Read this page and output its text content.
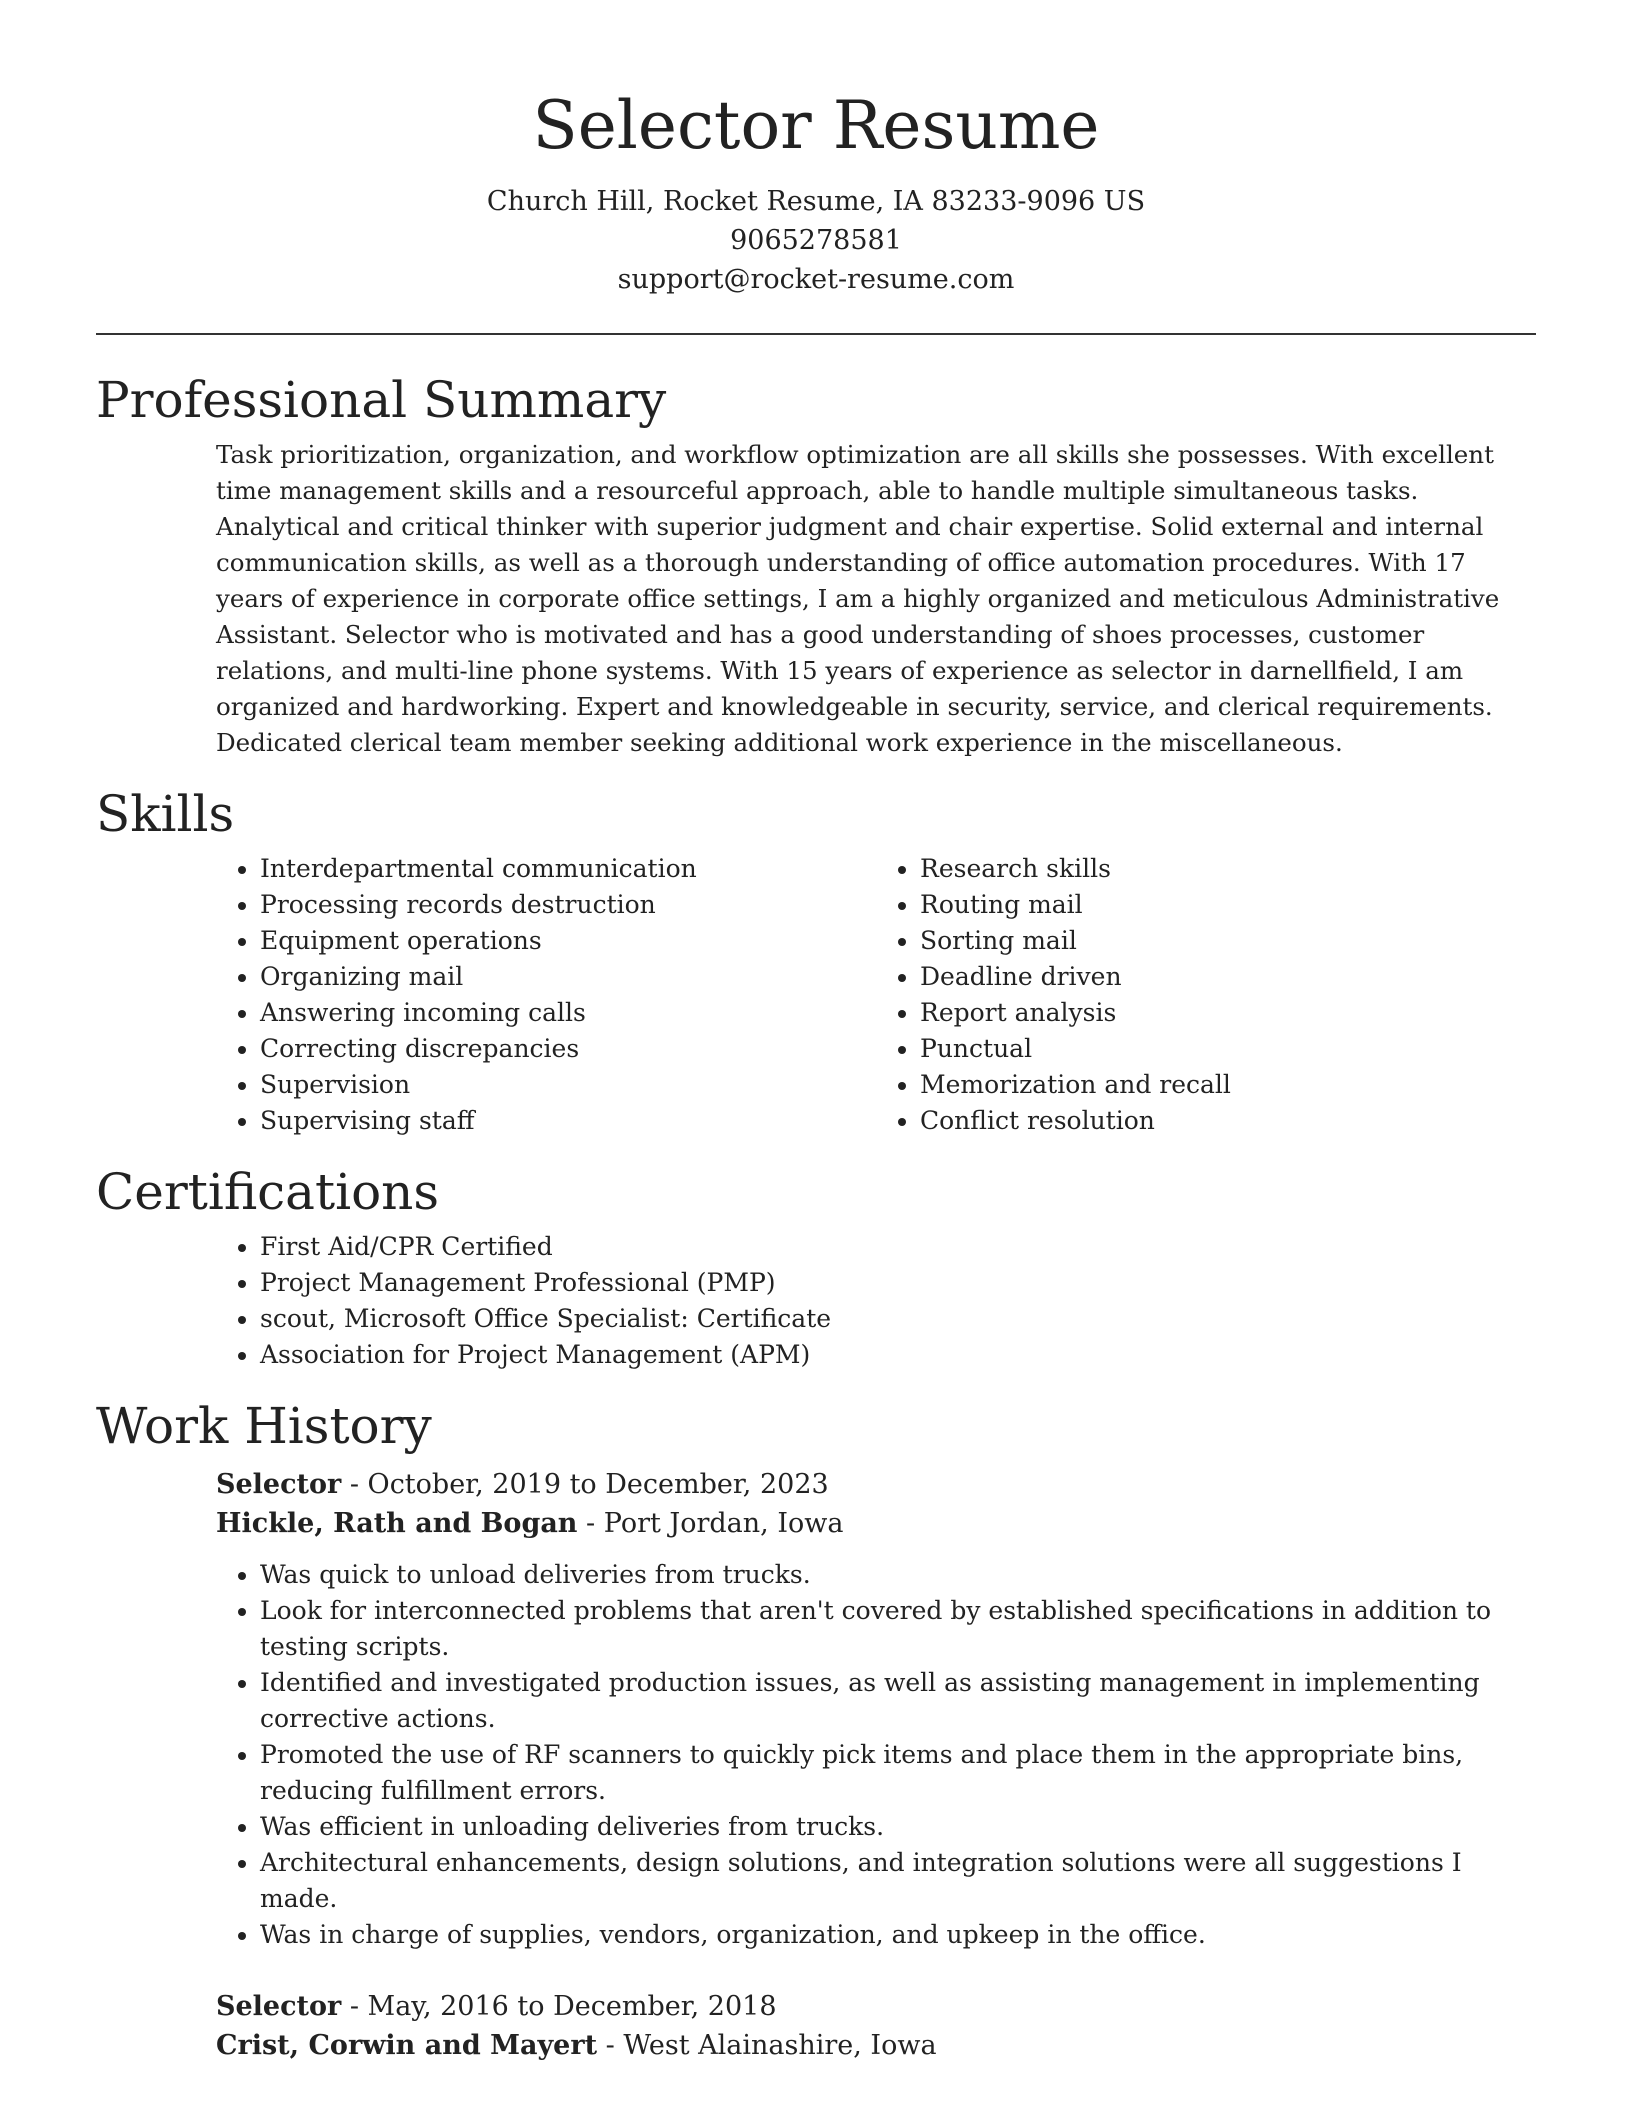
Selector Resume

Church Hill, Rocket Resume, IA 83233-9096 US

9065278581

support@rocket-resume.com

Professional Summary

Task prioritization, organization, and workflow optimization are all skills she possesses. With excellent time management skills and a resourceful approach, able to handle multiple simultaneous tasks. Analytical and critical thinker with superior judgment and chair expertise. Solid external and internal communication skills, as well as a thorough understanding of office automation procedures. With 17 years of experience in corporate office settings, I am a highly organized and meticulous Administrative Assistant. Selector who is motivated and has a good understanding of shoes processes, customer relations, and multi-line phone systems. With 15 years of experience as selector in darnellfield, I am organized and hardworking. Expert and knowledgeable in security, service, and clerical requirements. Dedicated clerical team member seeking additional work experience in the miscellaneous.

Skills
• Interdepartmental communication
• Processing records destruction
• Equipment operations
• Organizing mail
• Answering incoming calls
• Correcting discrepancies
• Supervision
• Supervising staff
• Research skills
• Routing mail
• Sorting mail
• Deadline driven
• Report analysis
• Punctual
• Memorization and recall
• Conflict resolution
Certifications
• First Aid/CPR Certified
• Project Management Professional (PMP)
• scout, Microsoft Office Specialist: Certificate
• Association for Project Management (APM)
Work History

Selector - October, 2019 to December, 2023

Hickle, Rath and Bogan - Port Jordan, Iowa

• Was quick to unload deliveries from trucks.
• Look for interconnected problems that aren't covered by established specifications in addition to testing scripts.
• Identified and investigated production issues, as well as assisting management in implementing corrective actions.
• Promoted the use of RF scanners to quickly pick items and place them in the appropriate bins, reducing fulfillment errors.
• Was efficient in unloading deliveries from trucks.
• Architectural enhancements, design solutions, and integration solutions were all suggestions I made.
• Was in charge of supplies, vendors, organization, and upkeep in the office.

Selector - May, 2016 to December, 2018

Crist, Corwin and Mayert - West Alainashire, Iowa
